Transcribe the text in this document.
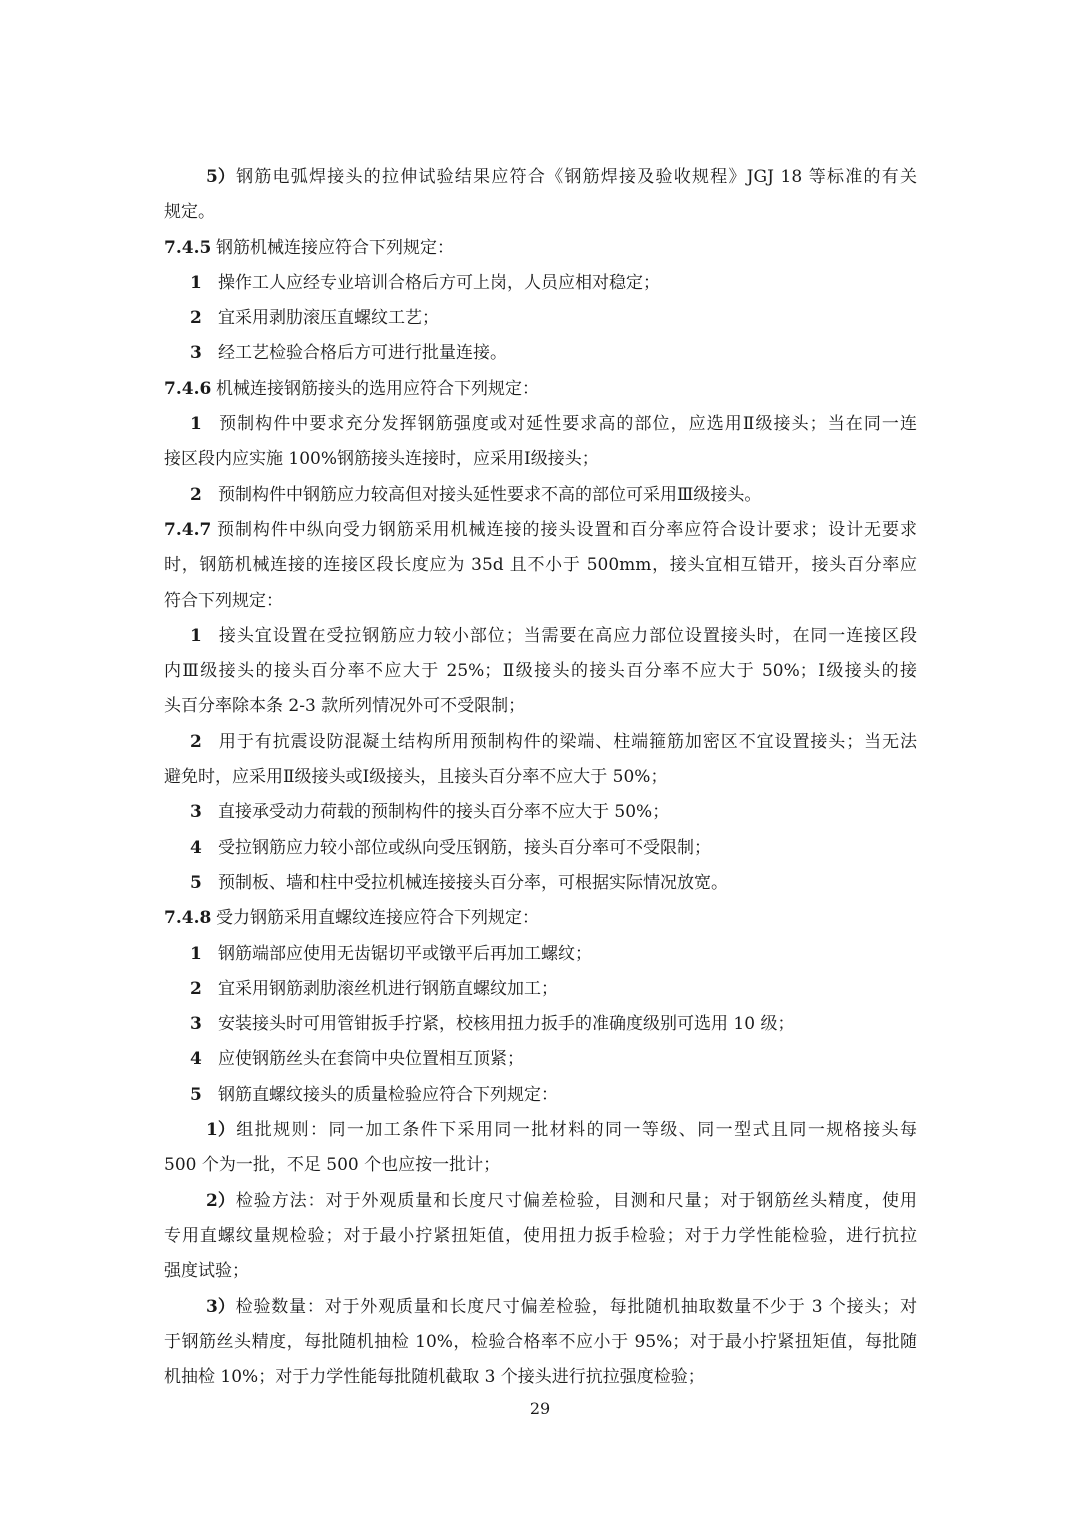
5）钢筋电弧焊接头的拉伸试验结果应符合《钢筋焊接及验收规程》JGJ 18 等标准的有关
规定。
7.4.5 钢筋机械连接应符合下列规定：
1 操作工人应经专业培训合格后方可上岗，人员应相对稳定；
2 宜采用剥肋滚压直螺纹工艺；
3 经工艺检验合格后方可进行批量连接。
7.4.6 机械连接钢筋接头的选用应符合下列规定：
1 预制构件中要求充分发挥钢筋强度或对延性要求高的部位，应选用Ⅱ级接头；当在同一连
接区段内应实施 100%钢筋接头连接时，应采用Ⅰ级接头；
2 预制构件中钢筋应力较高但对接头延性要求不高的部位可采用Ⅲ级接头。
7.4.7 预制构件中纵向受力钢筋采用机械连接的接头设置和百分率应符合设计要求；设计无要求
时，钢筋机械连接的连接区段长度应为 35d 且不小于 500mm，接头宜相互错开，接头百分率应
符合下列规定：
1 接头宜设置在受拉钢筋应力较小部位；当需要在高应力部位设置接头时，在同一连接区段
内Ⅲ级接头的接头百分率不应大于 25%；Ⅱ级接头的接头百分率不应大于 50%；Ⅰ级接头的接
头百分率除本条 2-3 款所列情况外可不受限制；
2 用于有抗震设防混凝土结构所用预制构件的梁端、柱端箍筋加密区不宜设置接头；当无法
避免时，应采用Ⅱ级接头或Ⅰ级接头，且接头百分率不应大于 50%；
3 直接承受动力荷载的预制构件的接头百分率不应大于 50%；
4 受拉钢筋应力较小部位或纵向受压钢筋，接头百分率可不受限制；
5 预制板、墙和柱中受拉机械连接接头百分率，可根据实际情况放宽。
7.4.8 受力钢筋采用直螺纹连接应符合下列规定：
1 钢筋端部应使用无齿锯切平或镦平后再加工螺纹；
2 宜采用钢筋剥肋滚丝机进行钢筋直螺纹加工；
3 安装接头时可用管钳扳手拧紧，校核用扭力扳手的准确度级别可选用 10 级；
4 应使钢筋丝头在套筒中央位置相互顶紧；
5 钢筋直螺纹接头的质量检验应符合下列规定：
1）组批规则：同一加工条件下采用同一批材料的同一等级、同一型式且同一规格接头每
500 个为一批，不足 500 个也应按一批计；
2）检验方法：对于外观质量和长度尺寸偏差检验，目测和尺量；对于钢筋丝头精度，使用
专用直螺纹量规检验；对于最小拧紧扭矩值，使用扭力扳手检验；对于力学性能检验，进行抗拉
强度试验；
3）检验数量：对于外观质量和长度尺寸偏差检验，每批随机抽取数量不少于 3 个接头；对
于钢筋丝头精度，每批随机抽检 10%，检验合格率不应小于 95%；对于最小拧紧扭矩值，每批随
机抽检 10%；对于力学性能每批随机截取 3 个接头进行抗拉强度检验；
29
